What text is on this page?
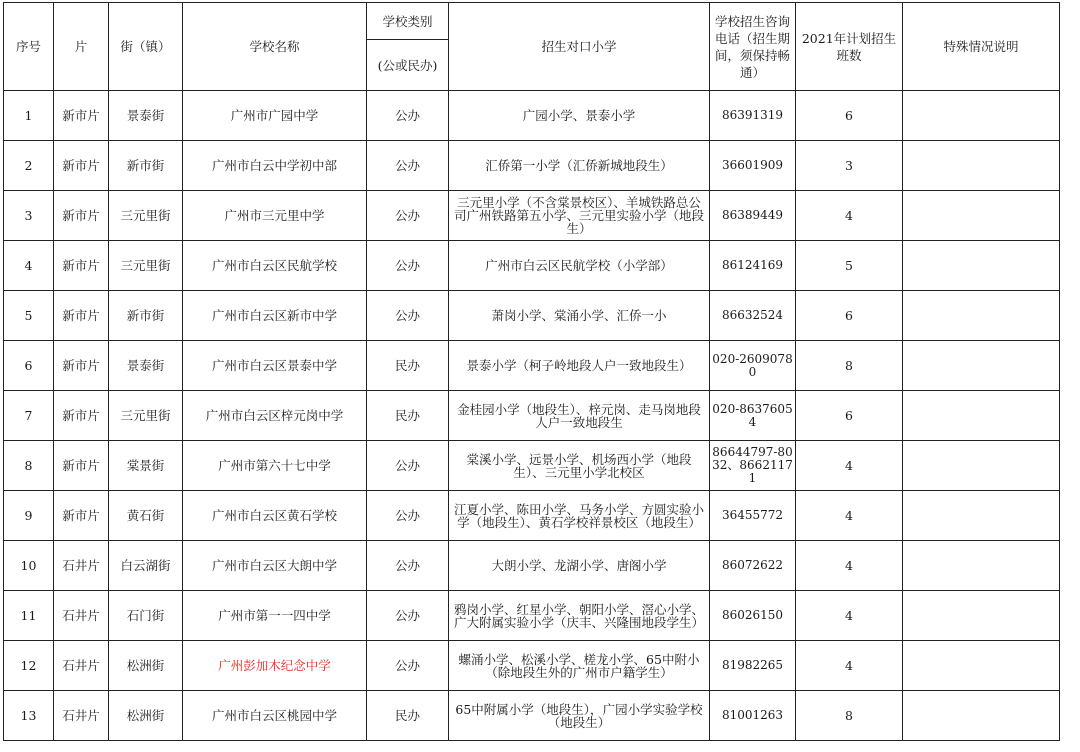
序号	片	街（镇）	学校名称	学校类别	招生对口小学	学校招生咨询电话（招生期间，须保持畅通）	2021年计划招生班数	特殊情况说明
				(公或民办)				
1	新市片	景泰街	广州市广园中学	公办	广园小学、景泰小学	86391319	6	
2	新市片	新市街	广州市白云中学初中部	公办	汇侨第一小学（汇侨新城地段生）	36601909	3	
3	新市片	三元里街	广州市三元里中学	公办	三元里小学（不含棠景校区）、羊城铁路总公司广州铁路第五小学、三元里实验小学（地段生）	86389449	4	
4	新市片	三元里街	广州市白云区民航学校	公办	广州市白云区民航学校（小学部）	86124169	5	
5	新市片	新市街	广州市白云区新市中学	公办	萧岗小学、棠涌小学、汇侨一小	86632524	6	
6	新市片	景泰街	广州市白云区景泰中学	民办	景泰小学（柯子岭地段人户一致地段生）	020-26090780	8	
7	新市片	三元里街	广州市白云区梓元岗中学	民办	金桂园小学（地段生）、梓元岗、走马岗地段人户一致地段生	020-86376054	6	
8	新市片	棠景街	广州市第六十七中学	公办	棠溪小学、远景小学、机场西小学（地段生）、三元里小学北校区	86644797-8032、86621171	4	
9	新市片	黄石街	广州市白云区黄石学校	公办	江夏小学、陈田小学、马务小学、方圆实验小学（地段生）、黄石学校祥景校区（地段生）	36455772	4	
10	石井片	白云湖街	广州市白云区大朗中学	公办	大朗小学、龙湖小学、唐阁小学	86072622	4	
11	石井片	石门街	广州市第一一四中学	公办	鸦岗小学、红星小学、朝阳小学、滘心小学、广大附属实验小学（庆丰、兴隆围地段学生）	86026150	4	
12	石井片	松洲街	广州彭加木纪念中学	公办	螺涌小学、松溪小学、槎龙小学、65中附小（除地段生外的广州市户籍学生）	81982265	4	
13	石井片	松洲街	广州市白云区桃园中学	民办	65中附属小学（地段生），广园小学实验学校（地段生）	81001263	8	
